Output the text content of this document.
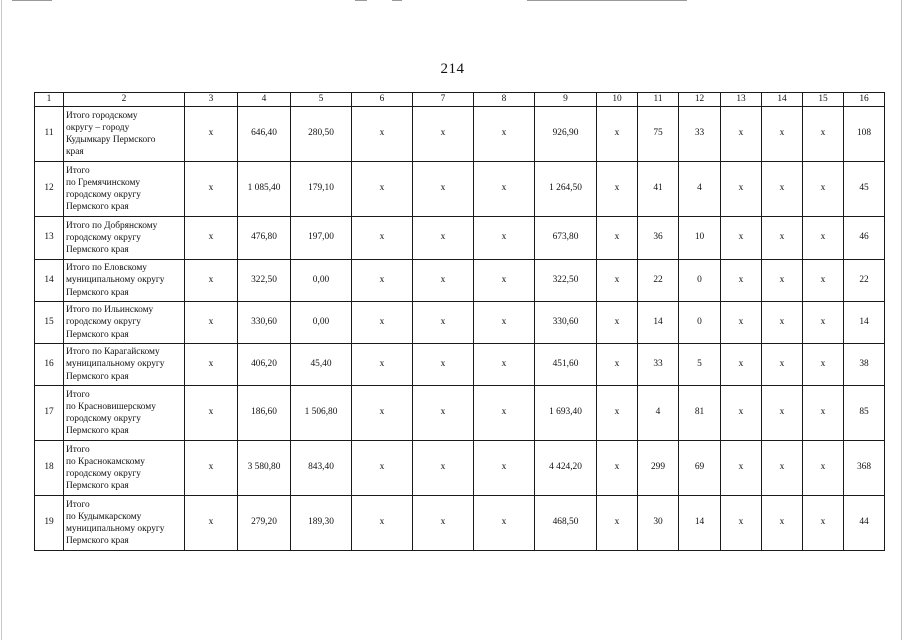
214
1	2	3	4	5	6	7	8	9	10	11	12	13	14	15	16
11	Итого городскому
округу – городу
Кудымкару Пермского
края	x	646,40	280,50	x	x	x	926,90	x	75	33	x	x	x	108
12	Итого
по Гремячинскому
городскому округу
Пермского края	x	1 085,40	179,10	x	x	x	1 264,50	x	41	4	x	x	x	45
13	Итого по Добрянскому
городскому округу
Пермского края	x	476,80	197,00	x	x	x	673,80	x	36	10	x	x	x	46
14	Итого по Еловскому
муниципальному округу
Пермского края	x	322,50	0,00	x	x	x	322,50	x	22	0	x	x	x	22
15	Итого по Ильинскому
городскому округу
Пермского края	x	330,60	0,00	x	x	x	330,60	x	14	0	x	x	x	14
16	Итого по Карагайскому
муниципальному округу
Пермского края	x	406,20	45,40	x	x	x	451,60	x	33	5	x	x	x	38
17	Итого
по Красновишерскому
городскому округу
Пермского края	x	186,60	1 506,80	x	x	x	1 693,40	x	4	81	x	x	x	85
18	Итого
по Краснокамскому
городскому округу
Пермского края	x	3 580,80	843,40	x	x	x	4 424,20	x	299	69	x	x	x	368
19	Итого
по Кудымкарскому
муниципальному округу
Пермского края	x	279,20	189,30	x	x	x	468,50	x	30	14	x	x	x	44
